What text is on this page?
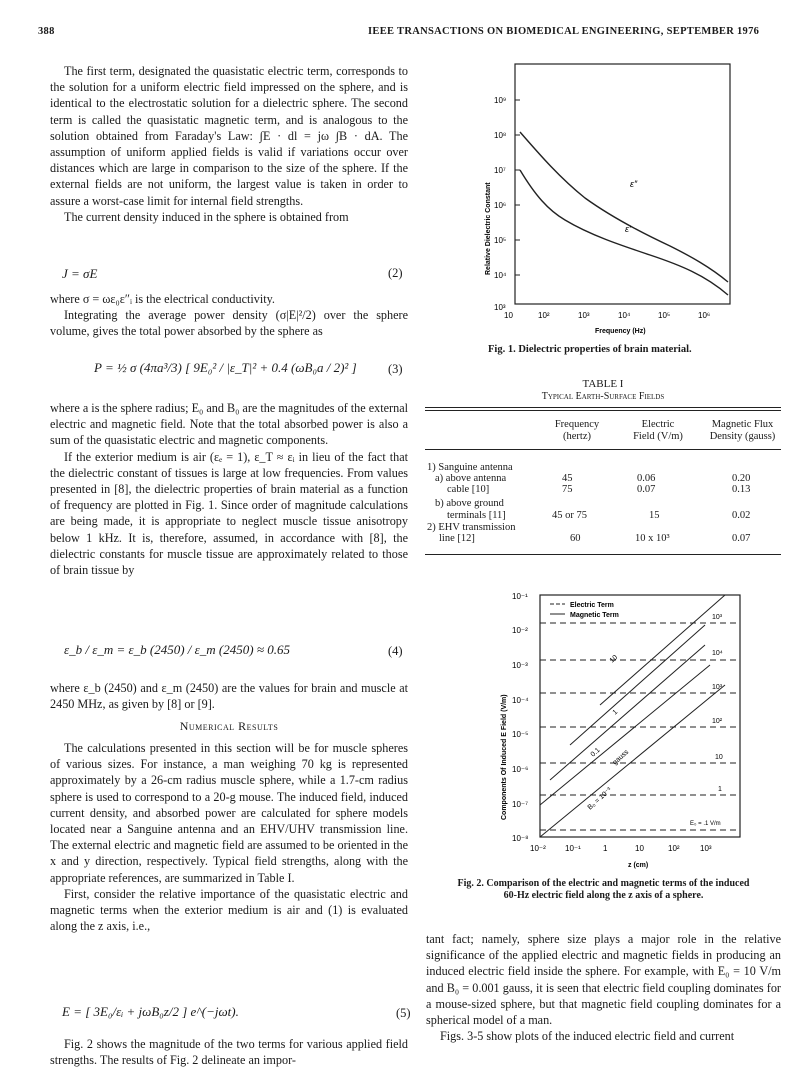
388	IEEE TRANSACTIONS ON BIOMEDICAL ENGINEERING, SEPTEMBER 1976

The first term, designated the quasistatic electric term, corresponds to the solution for a uniform electric field impressed on the sphere, and is identical to the electrostatic solution for a dielectric sphere. The second term is called the quasistatic magnetic term, and is analogous to the solution obtained from Faraday's Law: ∫E · dl = jω ∫B · dA. The assumption of uniform applied fields is valid if variations occur over distances which are large in comparison to the size of the sphere. If the external fields are not uniform, the largest value is taken in order to assure a worst-case limit for internal field strengths.

The current density induced in the sphere is obtained from

J = σE	(2)

where σ = ωε₀ε″ᵢ is the electrical conductivity.

Integrating the average power density (σ|E|²/2) over the sphere volume, gives the total power absorbed by the sphere as

P = ½ σ (4πa³/3) [ 9E₀² / |ε_T|² + 0.4 (ωB₀a / 2)² ]	(3)

where a is the sphere radius; E₀ and B₀ are the magnitudes of the external electric and magnetic field. Note that the total absorbed power is also a sum of the quasistatic electric and magnetic components.

If the exterior medium is air (εₑ = 1), ε_T ≈ εᵢ in lieu of the fact that the dielectric constant of tissues is large at low frequencies. From values presented in [8], the dielectric properties of brain material as a function of frequency are plotted in Fig. 1. Since order of magnitude calculations are being made, it is appropriate to neglect muscle tissue anisotropy below 1 kHz. It is, therefore, assumed, in accordance with [8], the dielectric constants for muscle tissue are approximately related to those of brain tissue by

ε_b / ε_m = ε_b (2450) / ε_m (2450) ≈ 0.65	(4)

where ε_b (2450) and ε_m (2450) are the values for brain and muscle at 2450 MHz, as given by [8] or [9].

Numerical Results

The calculations presented in this section will be for muscle spheres of various sizes. For instance, a man weighing 70 kg is represented approximately by a 26-cm radius muscle sphere, while a 1.7-cm radius sphere is used to correspond to a 20-g mouse. The induced field, induced current density, and absorbed power are calculated for sphere models located near a Sanguine antenna and an EHV/UHV transmission line. The external electric and magnetic field are assumed to be oriented in the x and y direction, respectively. Typical field strengths, along with the appropriate references, are summarized in Table I.

First, consider the relative importance of the quasistatic electric and magnetic terms when the exterior medium is air and (1) is evaluated along the z axis, i.e.,

E = [ 3E₀/εᵢ + jωB₀z/2 ] e^(−jωt).	(5)

Fig. 2 shows the magnitude of the two terms for various applied field strengths. The results of Fig. 2 delineate an impor-

tant fact; namely, sphere size plays a major role in the relative significance of the applied electric and magnetic fields in producing an induced electric field inside the sphere. For example, with E₀ = 10 V/m and B₀ = 0.001 gauss, it is seen that electric field coupling dominates for a mouse-sized sphere, but that magnetic field coupling dominates for a spherical model of a man.

Figs. 3-5 show plots of the induced electric field and current

10⁹
10⁸
10⁷
10⁶
10⁵
10⁴
10³
ε″
ε′
10	10²	10³	10⁴	10⁵	10⁶
Frequency (Hz)
Relative Dielectric Constant
Fig. 1. Dielectric properties of brain material.
TABLE I
Typical Earth-Surface Fields
Frequency
(hertz)
Electric
Field (V/m)
Magnetic Flux
Density (gauss)
1) Sanguine antenna
a) above antenna	45	0.06	0.20
cable [10]	75	0.07	0.13
b) above ground
terminals [11]	45 or 75	15	0.02
2) EHV transmission
line [12]	60	10 x 10³	0.07
10⁻¹
10⁻²
10⁻³
10⁻⁴
10⁻⁵
10⁻⁶
10⁻⁷
10⁻⁸
Electric Term
Magnetic Term	10³
10⁴
10³
10²
10
1
E₀ = .1 V/m
10
1
0.1 gauss
B₀ = 10⁻³
10⁻² 10⁻¹	1	10	10²	10³
z (cm)
Components Of Induced E Field (V/m)
Fig. 2. Comparison of the electric and magnetic terms of the induced
60-Hz electric field along the z axis of a sphere.
